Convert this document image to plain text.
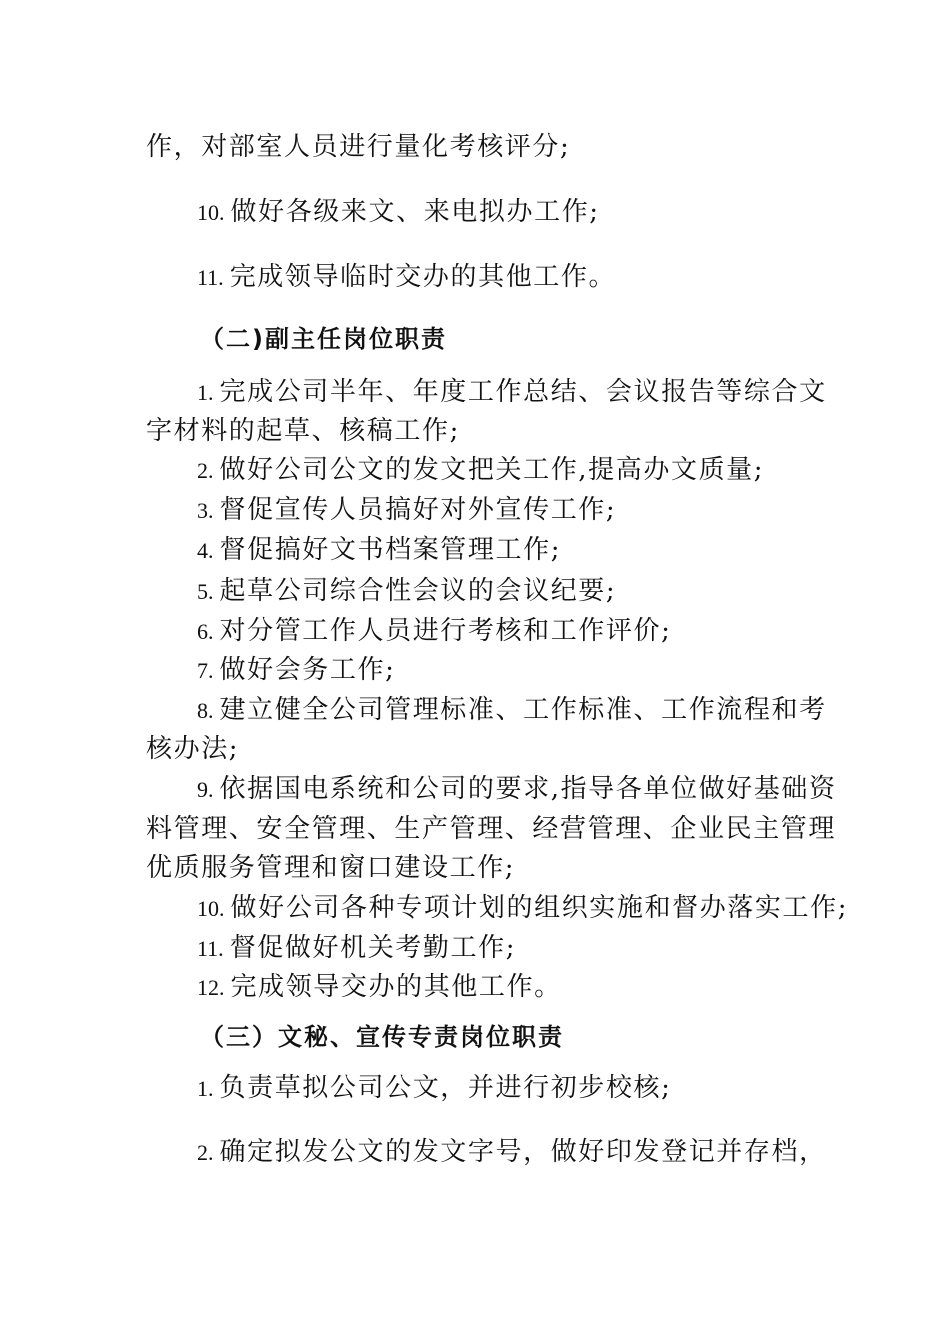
作，对部室人员进行量化考核评分;
10. 做好各级来文、来电拟办工作;
11. 完成领导临时交办的其他工作。
（二)副主任岗位职责
1. 完成公司半年、年度工作总结、会议报告等综合文
字材料的起草、核稿工作;
2. 做好公司公文的发文把关工作,提高办文质量;
3. 督促宣传人员搞好对外宣传工作;
4. 督促搞好文书档案管理工作;
5. 起草公司综合性会议的会议纪要;
6. 对分管工作人员进行考核和工作评价;
7. 做好会务工作;
8. 建立健全公司管理标准、工作标准、工作流程和考
核办法;
9. 依据国电系统和公司的要求,指导各单位做好基础资
料管理、安全管理、生产管理、经营管理、企业民主管理
优质服务管理和窗口建设工作;
10. 做好公司各种专项计划的组织实施和督办落实工作;
11. 督促做好机关考勤工作;
12. 完成领导交办的其他工作。
（三）文秘、宣传专责岗位职责
1. 负责草拟公司公文，并进行初步校核;
2. 确定拟发公文的发文字号，做好印发登记并存档，
